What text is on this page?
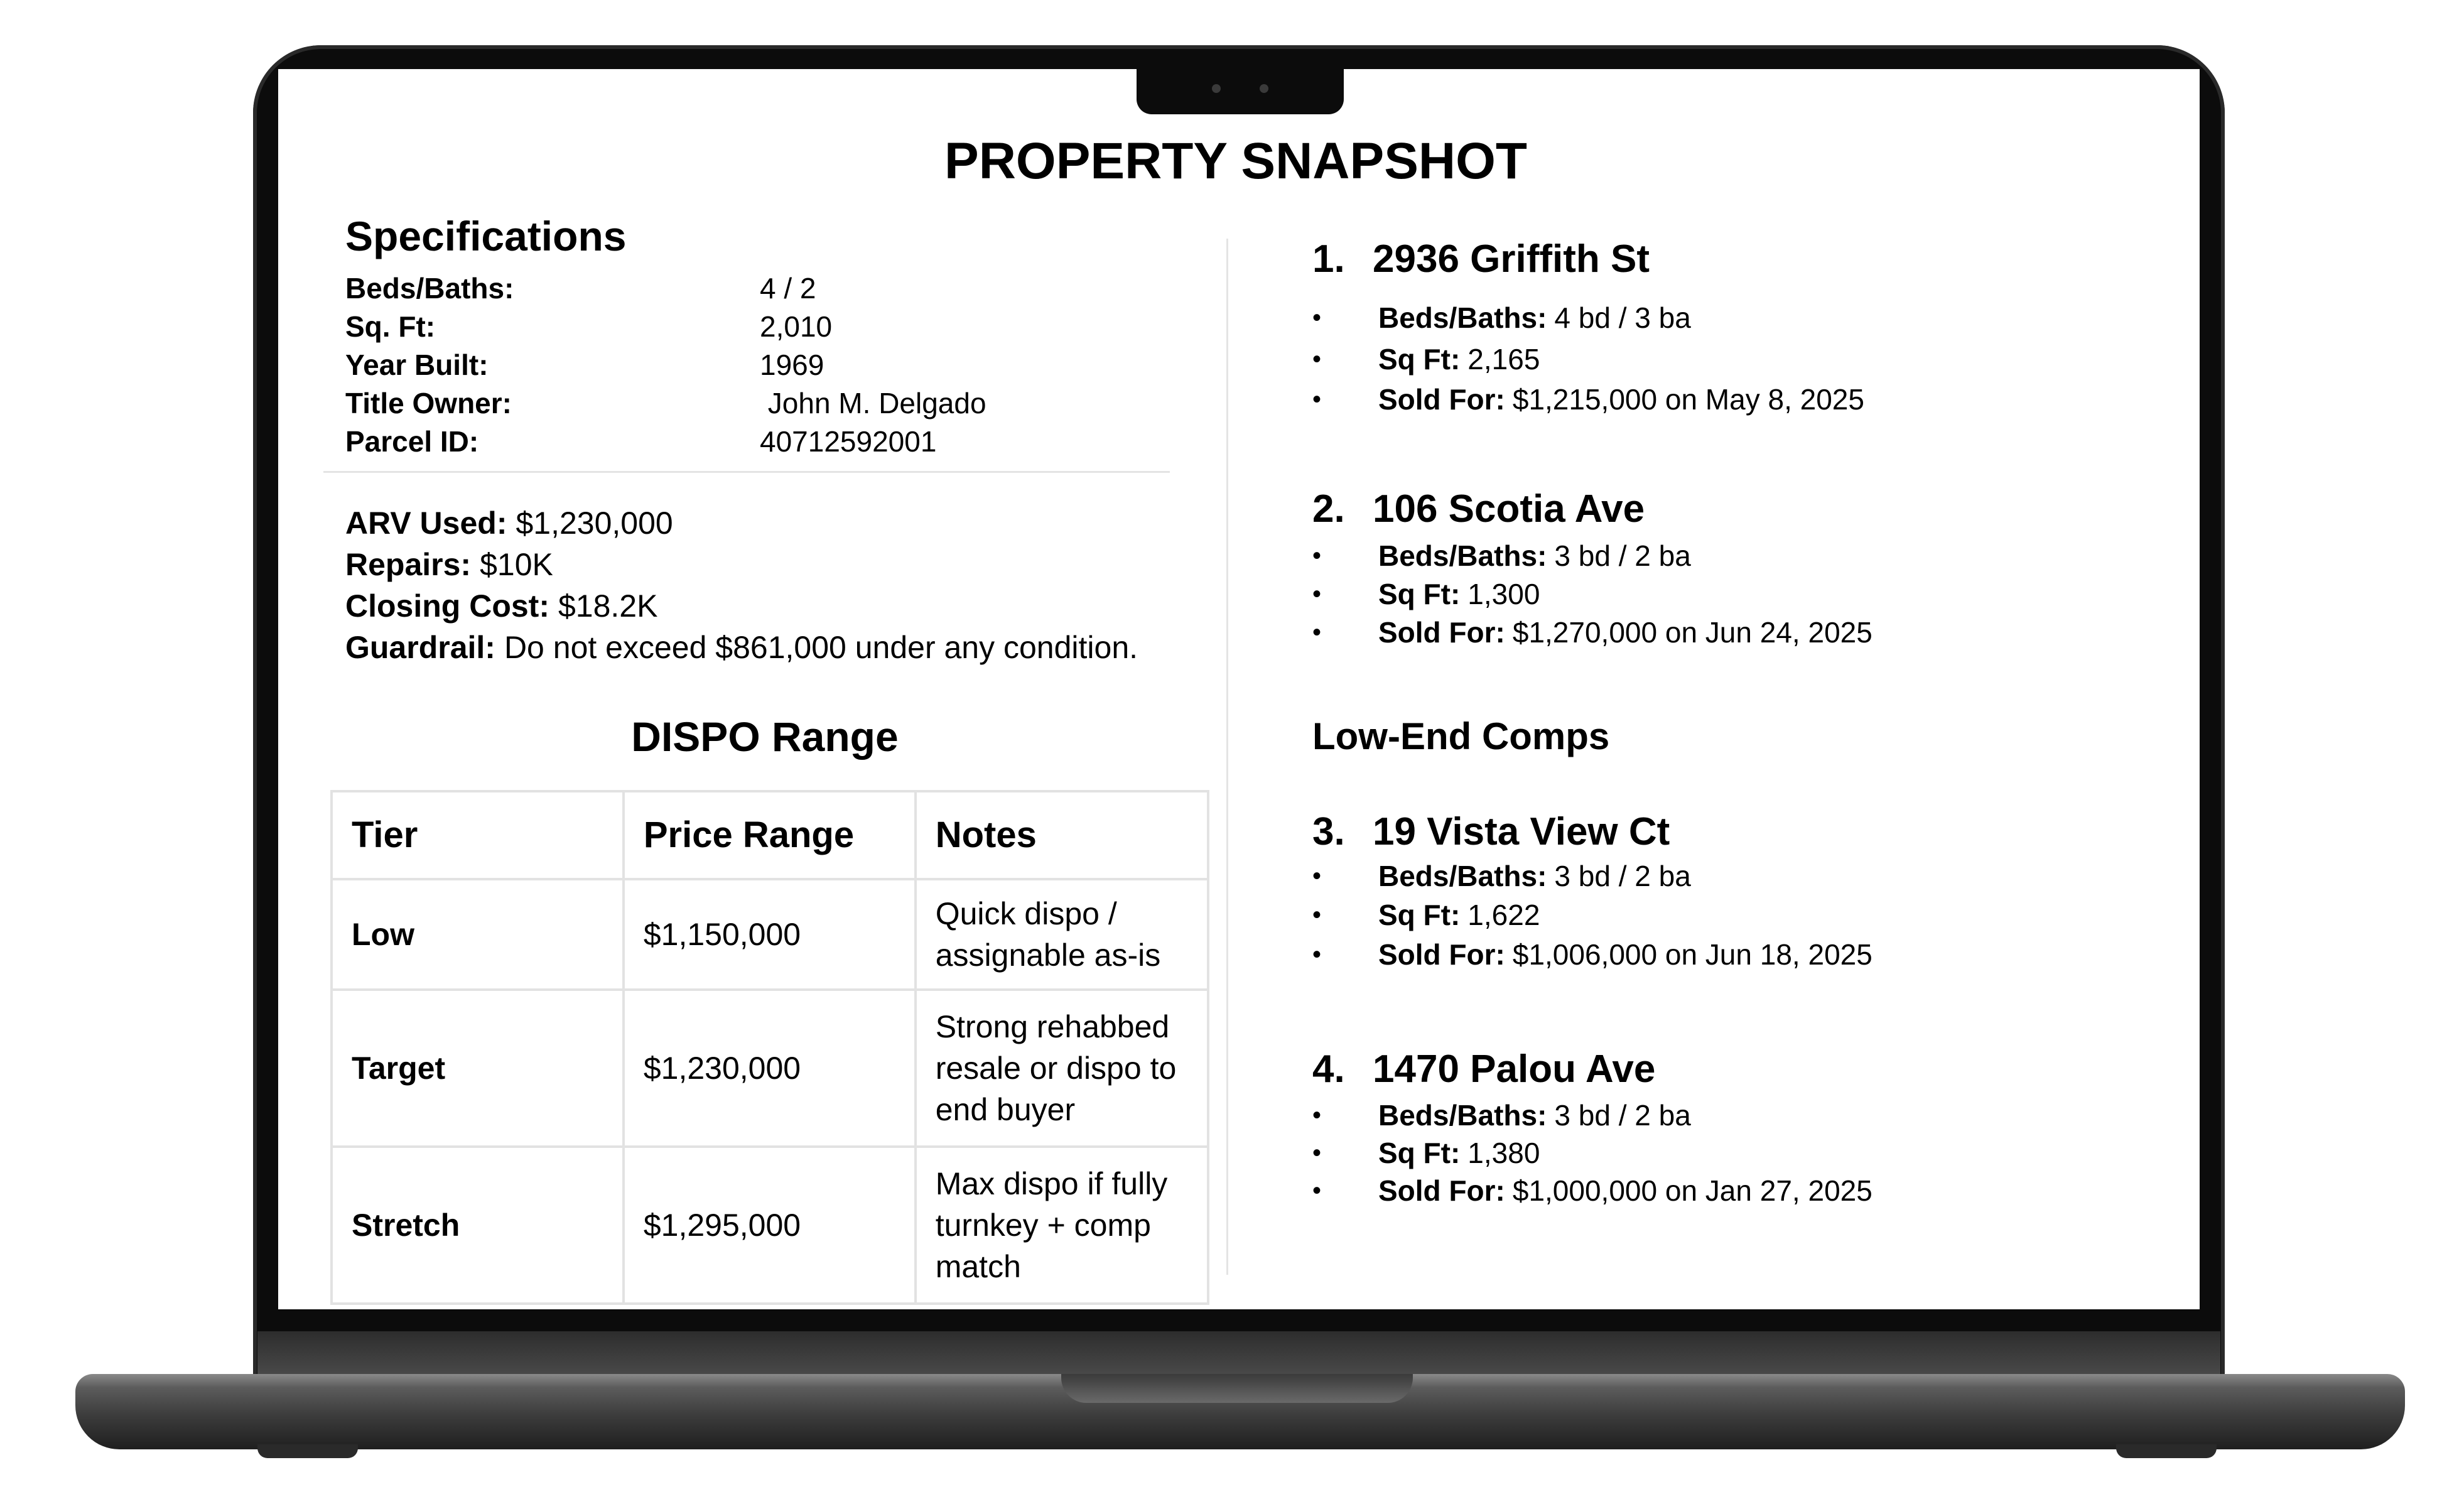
PROPERTY SNAPSHOT
Specifications
Beds/Baths:	4 / 2
Sq. Ft:	2,010
Year Built:	1969
Title Owner:	John M. Delgado
Parcel ID:	40712592001
ARV Used: $1,230,000
Repairs: $10K
Closing Cost: $18.2K
Guardrail: Do not exceed $861,000 under any condition.
DISPO Range
Tier	Price Range	Notes
Low	$1,150,000	Quick dispo / assignable as-is
Target	$1,230,000	Strong rehabbed resale or dispo to end buyer
Stretch	$1,295,000	Max dispo if fully turnkey + comp match
1. 2936 Griffith St
•	Beds/Baths: 4 bd / 3 ba
•	Sq Ft: 2,165
•	Sold For: $1,215,000 on May 8, 2025
2. 106 Scotia Ave
•	Beds/Baths: 3 bd / 2 ba
•	Sq Ft: 1,300
•	Sold For: $1,270,000 on Jun 24, 2025
Low-End Comps
3. 19 Vista View Ct
•	Beds/Baths: 3 bd / 2 ba
•	Sq Ft: 1,622
•	Sold For: $1,006,000 on Jun 18, 2025
4. 1470 Palou Ave
•	Beds/Baths: 3 bd / 2 ba
•	Sq Ft: 1,380
•	Sold For: $1,000,000 on Jan 27, 2025
